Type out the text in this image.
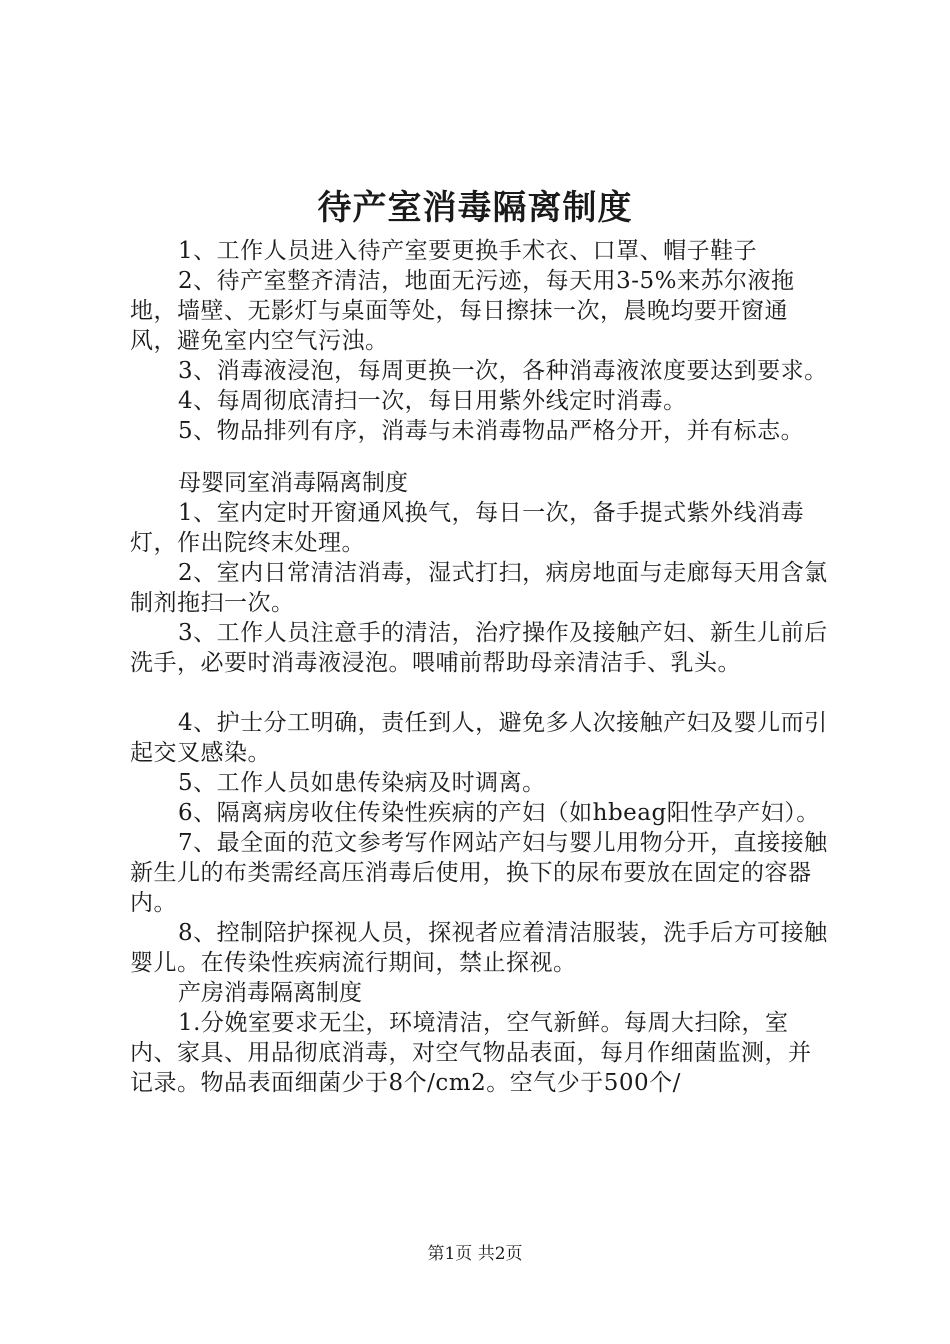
待产室消毒隔离制度

1、工作人员进入待产室要更换手术衣、口罩、帽子鞋子

2、待产室整齐清洁，地面无污迹，每天用3-5%来苏尔液拖地，墙壁、无影灯与桌面等处，每日擦抹一次，晨晚均要开窗通风，避免室内空气污浊。

3、消毒液浸泡，每周更换一次，各种消毒液浓度要达到要求。

4、每周彻底清扫一次，每日用紫外线定时消毒。

5、物品排列有序，消毒与未消毒物品严格分开，并有标志。

母婴同室消毒隔离制度

1、室内定时开窗通风换气，每日一次，备手提式紫外线消毒灯，作出院终末处理。

2、室内日常清洁消毒，湿式打扫，病房地面与走廊每天用含氯制剂拖扫一次。

3、工作人员注意手的清洁，治疗操作及接触产妇、新生儿前后洗手，必要时消毒液浸泡。喂哺前帮助母亲清洁手、乳头。

4、护士分工明确，责任到人，避免多人次接触产妇及婴儿而引起交叉感染。

5、工作人员如患传染病及时调离。

6、隔离病房收住传染性疾病的产妇（如hbeag阳性孕产妇）。

7、最全面的范文参考写作网站产妇与婴儿用物分开，直接接触新生儿的布类需经高压消毒后使用，换下的尿布要放在固定的容器内。

8、控制陪护探视人员，探视者应着清洁服装，洗手后方可接触婴儿。在传染性疾病流行期间，禁止探视。

产房消毒隔离制度

1.分娩室要求无尘，环境清洁，空气新鲜。每周大扫除，室内、家具、用品彻底消毒，对空气物品表面，每月作细菌监测，并记录。物品表面细菌少于8个/cm2。空气少于500个/

第1页 共2页
